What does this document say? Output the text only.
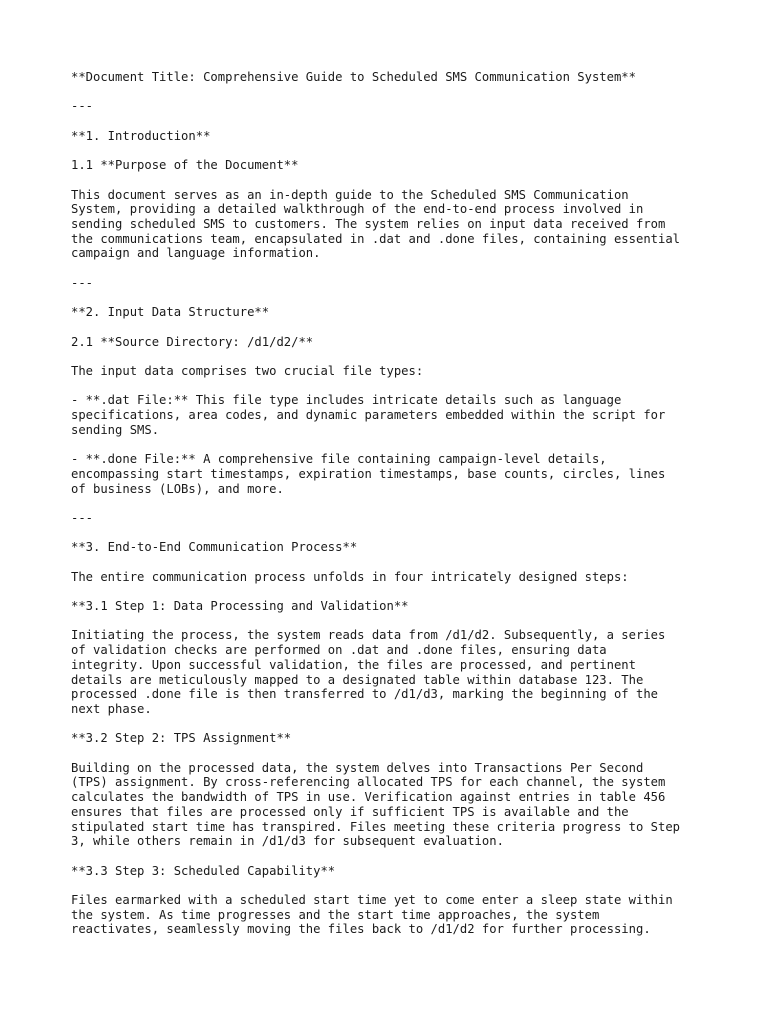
**Document Title: Comprehensive Guide to Scheduled SMS Communication System**
---
**1. Introduction**
1.1 **Purpose of the Document**
This document serves as an in-depth guide to the Scheduled SMS Communication
System, providing a detailed walkthrough of the end-to-end process involved in
sending scheduled SMS to customers. The system relies on input data received from
the communications team, encapsulated in .dat and .done files, containing essential
campaign and language information.
---
**2. Input Data Structure**
2.1 **Source Directory: /d1/d2/**
The input data comprises two crucial file types:
- **.dat File:** This file type includes intricate details such as language
specifications, area codes, and dynamic parameters embedded within the script for
sending SMS.
- **.done File:** A comprehensive file containing campaign-level details,
encompassing start timestamps, expiration timestamps, base counts, circles, lines
of business (LOBs), and more.
---
**3. End-to-End Communication Process**
The entire communication process unfolds in four intricately designed steps:
**3.1 Step 1: Data Processing and Validation**
Initiating the process, the system reads data from /d1/d2. Subsequently, a series
of validation checks are performed on .dat and .done files, ensuring data
integrity. Upon successful validation, the files are processed, and pertinent
details are meticulously mapped to a designated table within database 123. The
processed .done file is then transferred to /d1/d3, marking the beginning of the
next phase.
**3.2 Step 2: TPS Assignment**
Building on the processed data, the system delves into Transactions Per Second
(TPS) assignment. By cross-referencing allocated TPS for each channel, the system
calculates the bandwidth of TPS in use. Verification against entries in table 456
ensures that files are processed only if sufficient TPS is available and the
stipulated start time has transpired. Files meeting these criteria progress to Step
3, while others remain in /d1/d3 for subsequent evaluation.
**3.3 Step 3: Scheduled Capability**
Files earmarked with a scheduled start time yet to come enter a sleep state within
the system. As time progresses and the start time approaches, the system
reactivates, seamlessly moving the files back to /d1/d2 for further processing.
